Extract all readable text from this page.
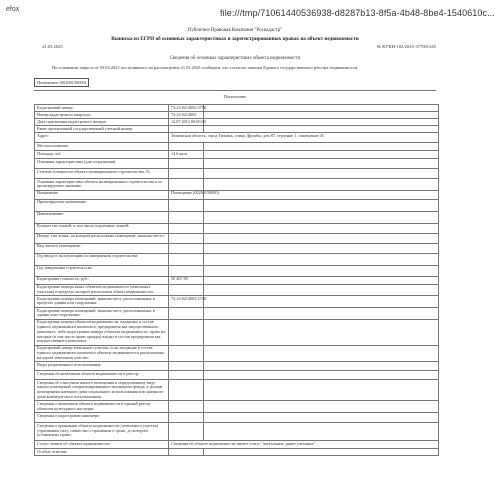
efox	file:///tmp/71061440536938-d8287b13-8f5a-4b48-8be4-1540610c...
Публично-Правовая Компания "Роскадастр"
Выписка из ЕГРН об основных характеристиках и зарегистрированных правах на объект недвижимости
21.03.2025	№ КУВИ-102/2025-377001345
Сведения об основных характеристиках объекта недвижимости
На основании запроса от 03.03.2025 поступившего на рассмотрение 21.03.2025 сообщаем, что согласно записям Единого государственного реестра недвижимости:
Помещение (00200150000)
Помещение
Кадастровый номер:	72:23:0214002:3758	
Номер кадастрового квартала:	72:23:0214002	
Дата присвоения кадастрового номера:	12.07.2012 00:00:00	
Ранее присвоенный государственный учетный номер:		
Адрес:	Тюменская область, город Тюмень, улица Дружбы, дом 87, строение 1, помещение 45	
Местоположение:		
Площадь, м2:	14.6 кв.м	
Основная характеристика (для сооружения):		
Степень готовности объекта незавершенного строительства, %:		
Основная характеристика объекта незавершенного строительства и ее проектируемое значение:		
Назначение:	Помещение (00200150000)	
Проектируемое назначение:		
Наименование:		
Количество этажей, в том числе подземных этажей:		
Номер, тип этажа, на котором расположено помещение, машино-место:		
Вид жилого помещения:		
Год ввода в эксплуатацию по завершении строительства:		
Год завершения строительства:		
Кадастровая стоимость, руб.:	50 467.90	
Кадастровые номера иных объектов недвижимости (земельных участков) в пределах которых расположен объект недвижимости:		
Кадастровые номера помещений, машино-мест, расположенных в пределах здания или сооружения:	72:23:0214002:3718	
Кадастровые номера помещений, машино-мест, расположенных в здании или сооружении:		
Кадастровые номера объектов недвижимости, входящих в состав единого недвижимого комплекса, предприятия как имущественного комплекса, либо кадастровые номера объектов недвижимости, права на которые (в том числе право аренды) входят в состав предприятия как имущественного комплекса:		
Кадастровый номер земельного участка, если входящие в состав единого недвижимого комплекса объекты недвижимости расположены на одном земельном участке:		
Виды разрешенного использования:		
Сведения об включении объекта недвижимости в реестр:		
Сведения об отнесении жилого помещения к определенному виду жилых помещений специализированного жилищного фонда, к жилым помещениям наемного дома социального использования или наемного дома коммерческого использования:		
Сведения о включении объекта недвижимости в единый реестр объектов культурного наследия:		
Сведения о кадастровом инженере:		
Сведения о признании объекта недвижимости (земельного участка) утратившим силу, совместно с признаком о сроке, до которого установлено право:		
Статус записи об объекте недвижимости:	Сведения об объекте недвижимости имеют статус "актуальные, ранее учтенные"	
Особые отметки:		
